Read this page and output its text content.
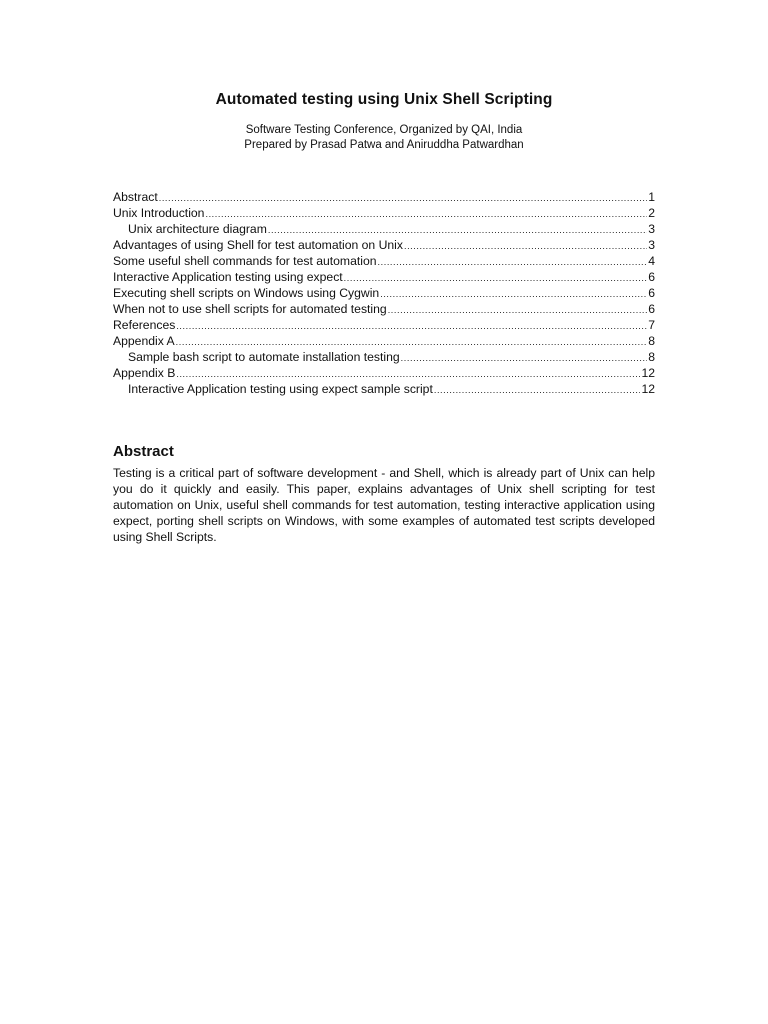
Automated testing using Unix Shell Scripting
Software Testing Conference, Organized by QAI, India
Prepared by Prasad Patwa and Aniruddha Patwardhan
Abstract .....	1
Unix Introduction .....	2
Unix architecture diagram .....	3
Advantages of using Shell for test automation on Unix .....	3
Some useful shell commands for test automation .....	4
Interactive Application testing using expect .....	6
Executing shell scripts on Windows using Cygwin .....	6
When not to use shell scripts for automated testing .....	6
References .....	7
Appendix A .....	8
Sample bash script to automate installation testing .....	8
Appendix B .....	12
Interactive Application testing using expect sample script .....	12
Abstract

Testing is a critical part of software development - and Shell, which is already part of Unix can help you do it quickly and easily. This paper, explains advantages of Unix shell scripting for test automation on Unix, useful shell commands for test automation, testing interactive application using expect, porting shell scripts on Windows, with some examples of automated test scripts developed using Shell Scripts.
